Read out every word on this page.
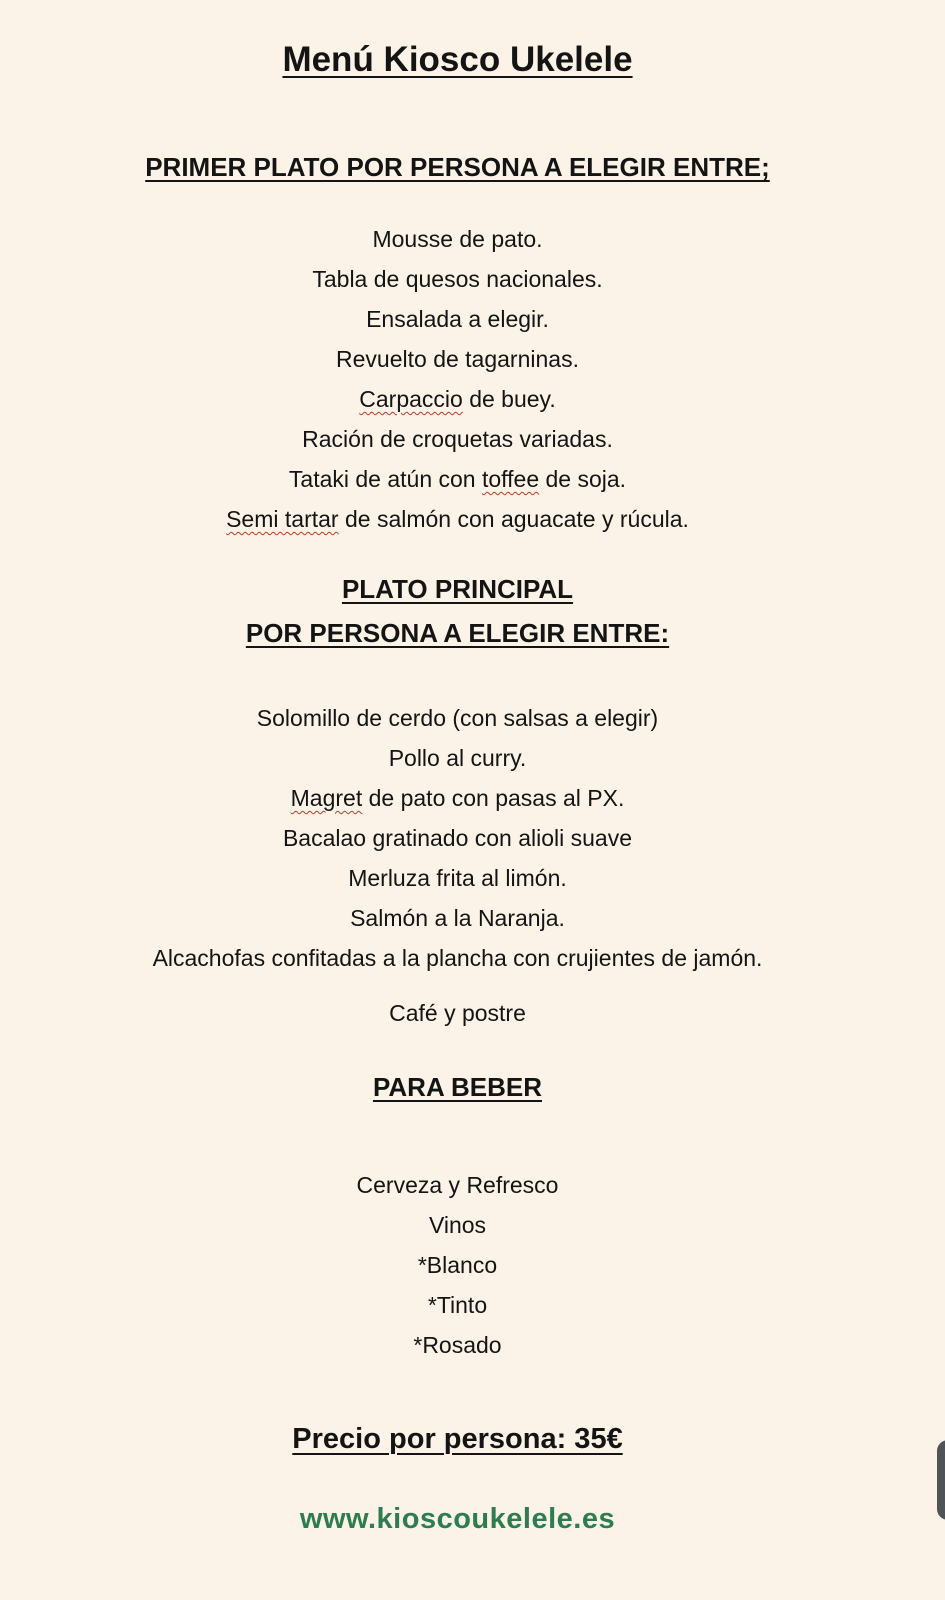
Menú Kiosco Ukelele
PRIMER PLATO POR PERSONA A ELEGIR ENTRE;
Mousse de pato.
Tabla de quesos nacionales.
Ensalada a elegir.
Revuelto de tagarninas.
Carpaccio de buey.
Ración de croquetas variadas.
Tataki de atún con toffee de soja.
Semi tartar de salmón con aguacate y rúcula.
PLATO PRINCIPAL
POR PERSONA A ELEGIR ENTRE:
Solomillo de cerdo (con salsas a elegir)
Pollo al curry.
Magret de pato con pasas al PX.
Bacalao gratinado con alioli suave
Merluza frita al limón.
Salmón a la Naranja.
Alcachofas confitadas a la plancha con crujientes de jamón.
Café y postre
PARA BEBER
Cerveza y Refresco
Vinos
*Blanco
*Tinto
*Rosado
Precio por persona: 35€
www.kioscoukelele.es
